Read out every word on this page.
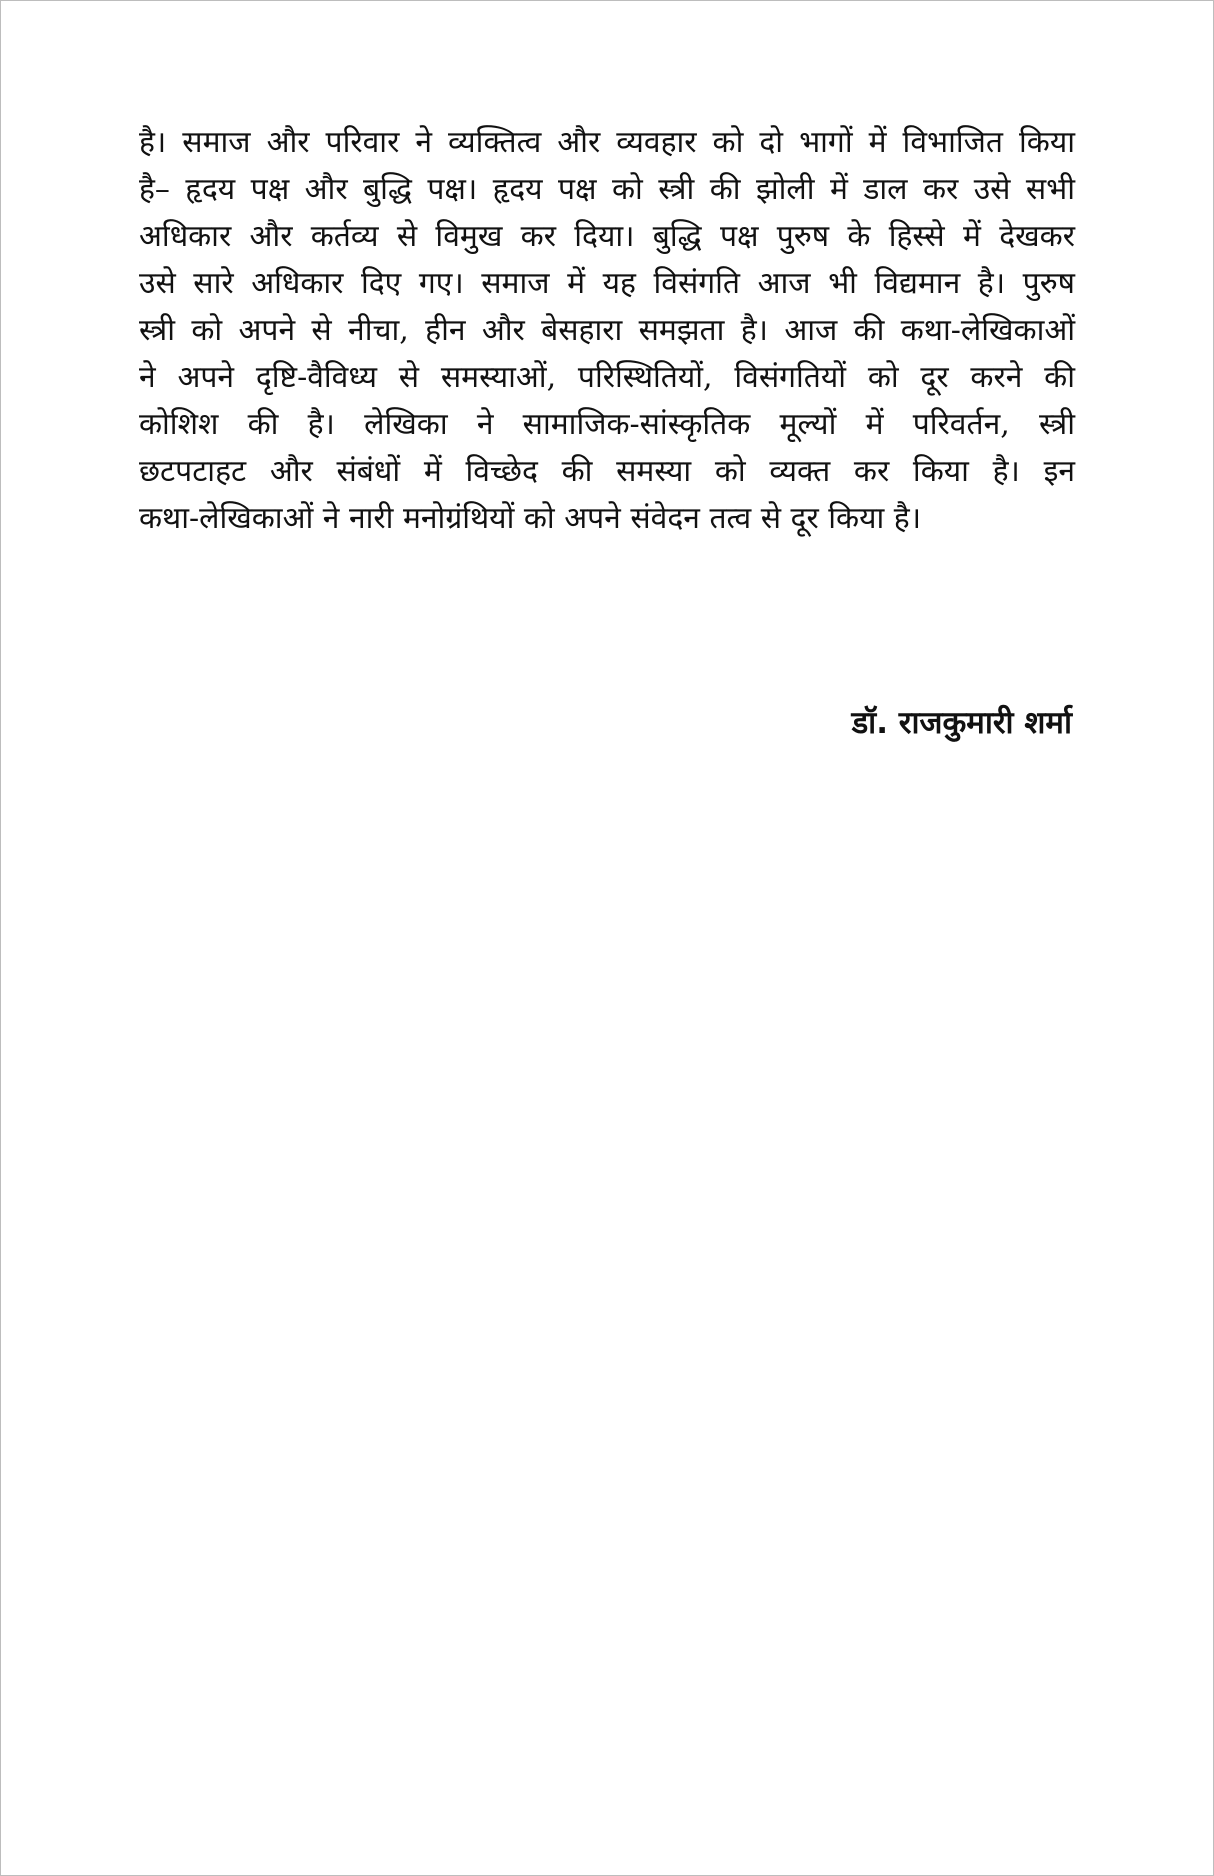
है। समाज और परिवार ने व्यक्तित्व और व्यवहार को दो भागों में विभाजित किया
है– हृदय पक्ष और बुद्धि पक्ष। हृदय पक्ष को स्त्री की झोली में डाल कर उसे सभी
अधिकार और कर्तव्य से विमुख कर दिया। बुद्धि पक्ष पुरुष के हिस्से में देखकर
उसे सारे अधिकार दिए गए। समाज में यह विसंगति आज भी विद्यमान है। पुरुष
स्त्री को अपने से नीचा, हीन और बेसहारा समझता है। आज की कथा-लेखिकाओं
ने अपने दृष्टि-वैविध्य से समस्याओं, परिस्थितियों, विसंगतियों को दूर करने की
कोशिश की है। लेखिका ने सामाजिक-सांस्कृतिक मूल्यों में परिवर्तन, स्त्री
छटपटाहट और संबंधों में विच्छेद की समस्या को व्यक्त कर किया है। इन
कथा-लेखिकाओं ने नारी मनोग्रंथियों को अपने संवेदन तत्व से दूर किया है।

डॉ. राजकुमारी शर्मा
